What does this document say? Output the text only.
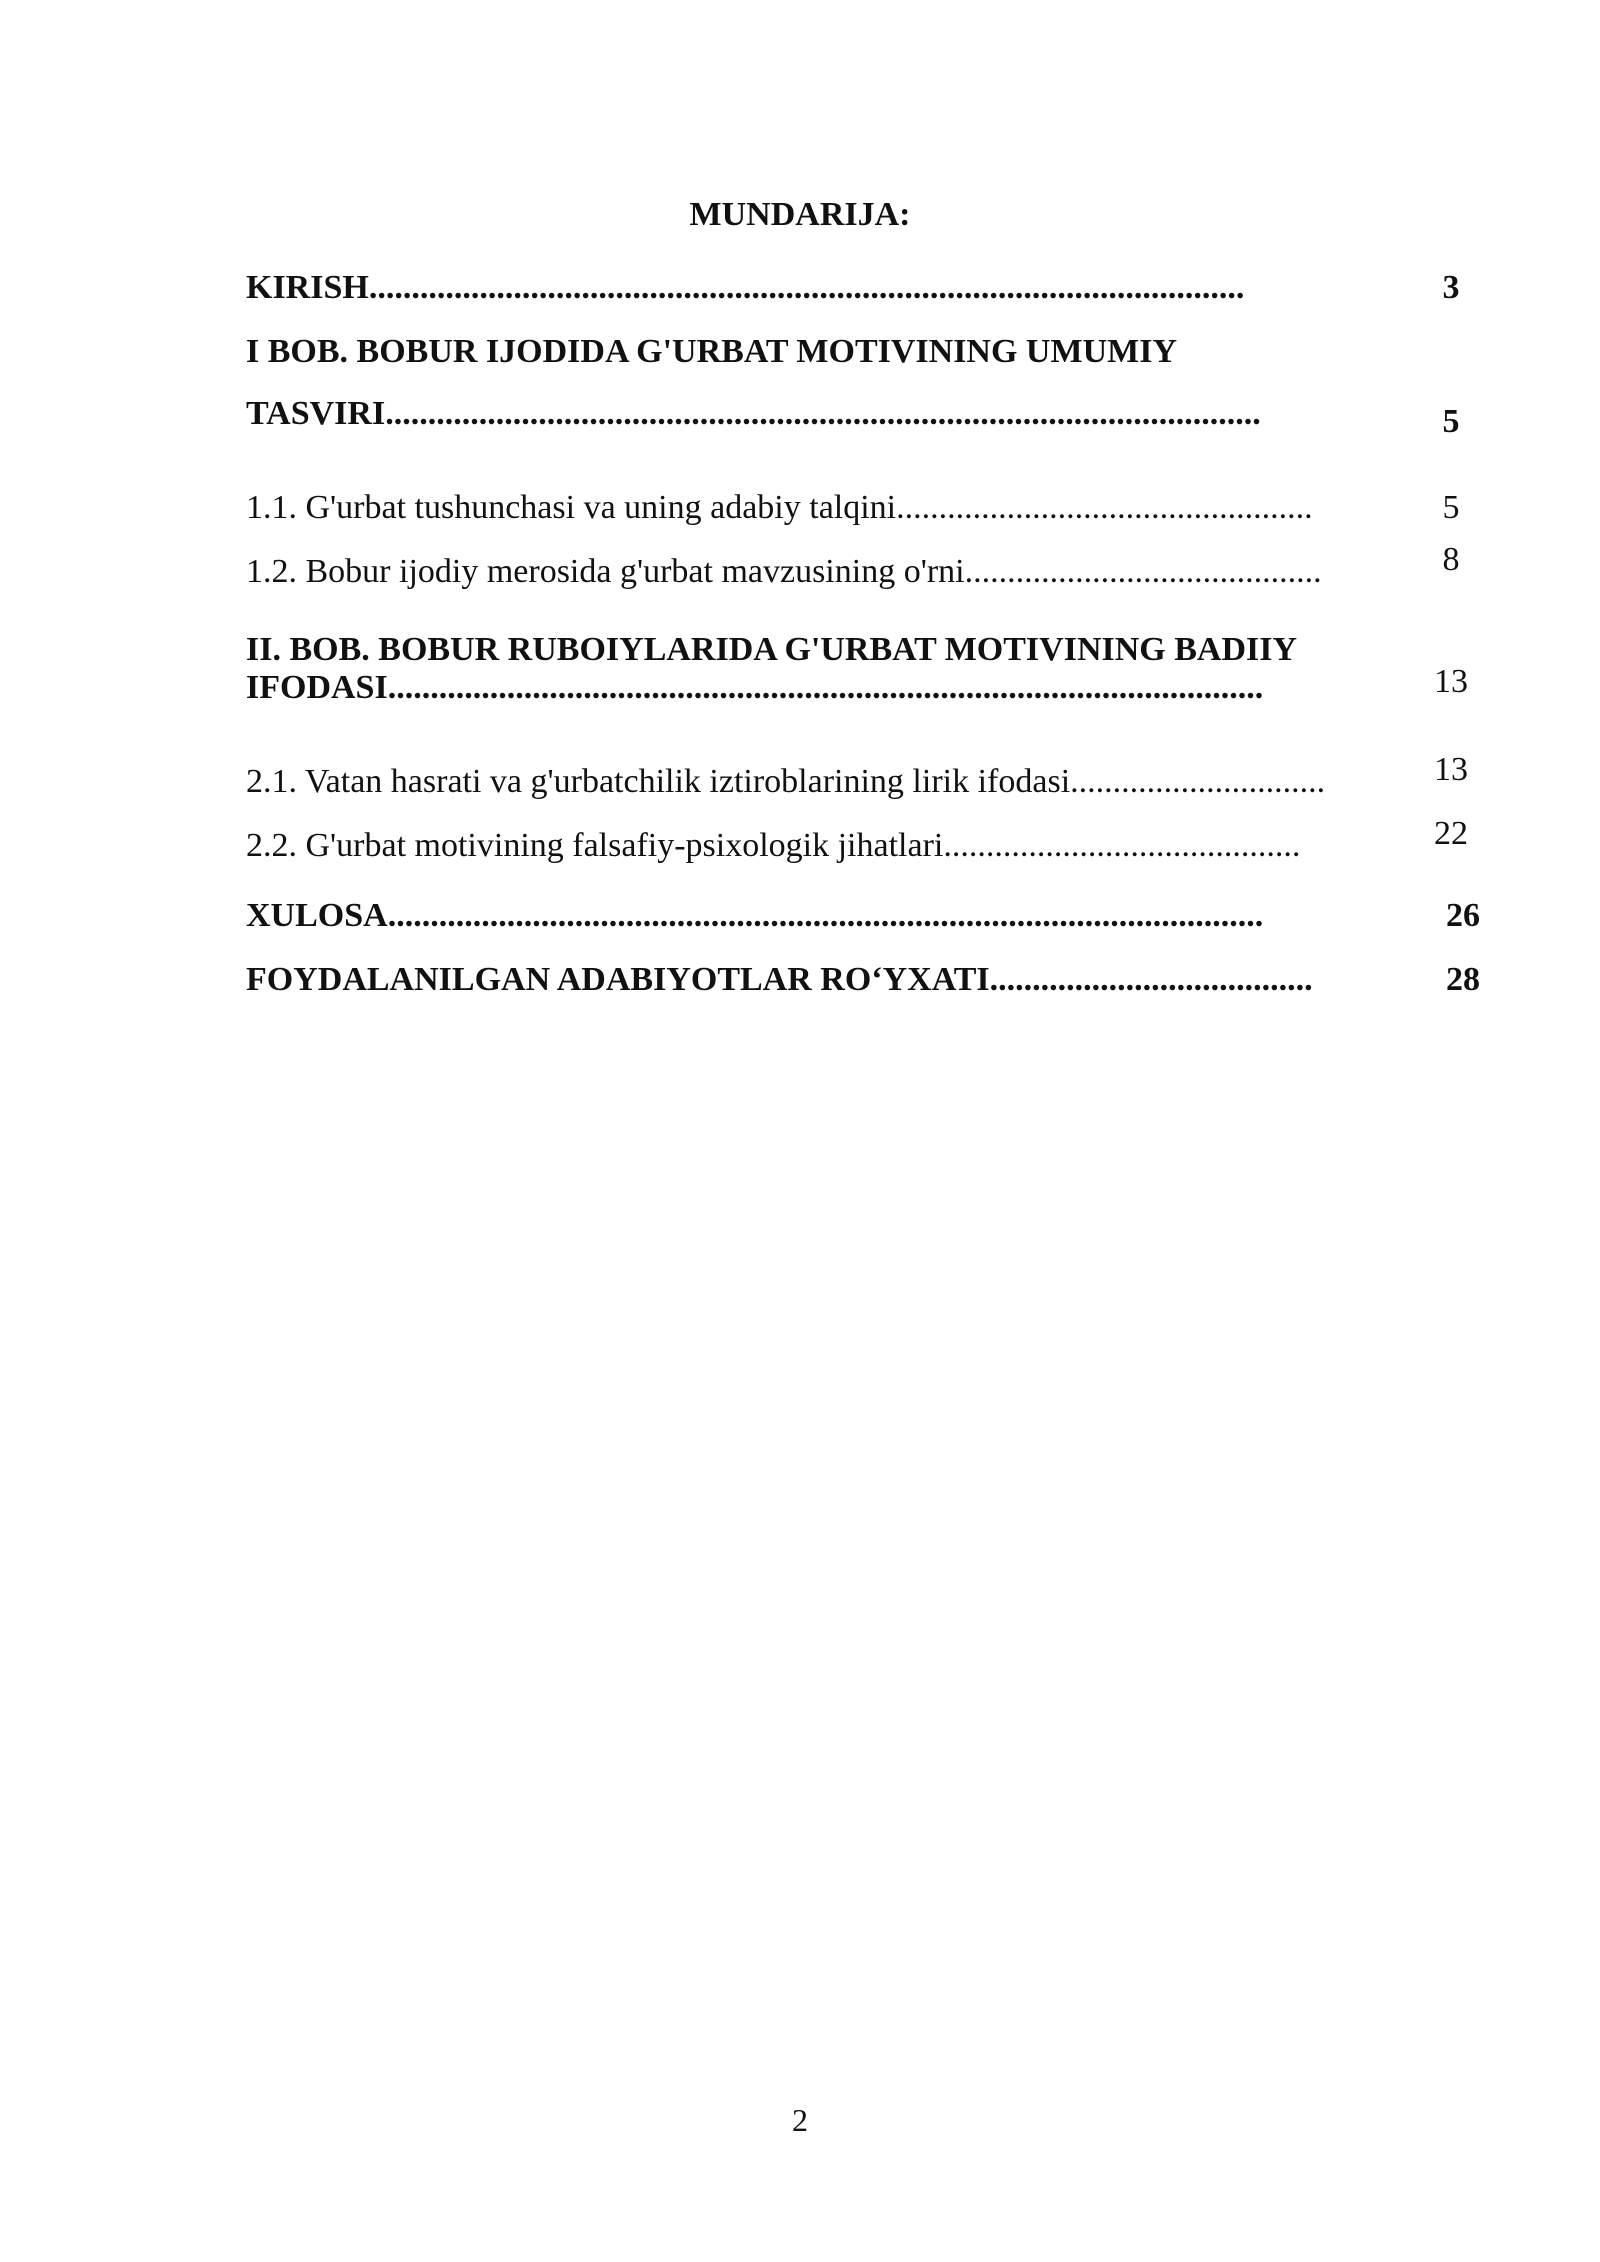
MUNDARIJA:
KIRISH.......................................................................................................	3
I BOB. BOBUR IJODIDA G'URBAT MOTIVINING UMUMIY
TASVIRI.......................................................................................................	5
1.1. G'urbat tushunchasi va uning adabiy talqini.................................................	5
1.2. Bobur ijodiy merosida g'urbat mavzusining o'rni..........................................	8
II. BOB. BOBUR RUBOIYLARIDA G'URBAT MOTIVINING BADIIY
IFODASI.......................................................................................................	13
2.1. Vatan hasrati va g'urbatchilik iztiroblarining lirik ifodasi..............................	13
2.2. G'urbat motivining falsafiy-psixologik jihatlari..........................................	22
XULOSA.......................................................................................................	26
FOYDALANILGAN ADABIYOTLAR RO‘YXATI......................................	28
2
